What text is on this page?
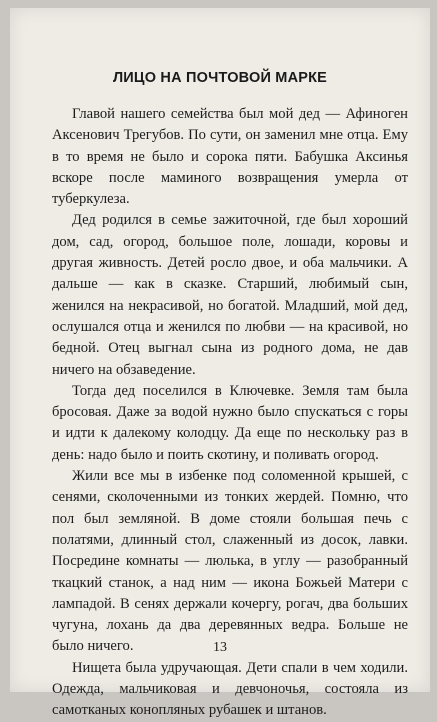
ЛИЦО НА ПОЧТОВОЙ МАРКЕ

Главой нашего семейства был мой дед — Афиноген Аксенович Трегубов. По сути, он заменил мне отца. Ему в то время не было и сорока пяти. Бабушка Аксинья вскоре после маминого возвращения умерла от туберкулеза.

Дед родился в семье зажиточной, где был хороший дом, сад, огород, большое поле, лошади, коровы и другая живность. Детей росло двое, и оба мальчики. А дальше — как в сказке. Старший, любимый сын, женился на некрасивой, но богатой. Младший, мой дед, ослушался отца и женился по любви — на красивой, но бедной. Отец выгнал сына из родного дома, не дав ничего на обзаведение.

Тогда дед поселился в Ключевке. Земля там была бросовая. Даже за водой нужно было спускаться с горы и идти к далекому колодцу. Да еще по нескольку раз в день: надо было и поить скотину, и поливать огород.

Жили все мы в избенке под соломенной крышей, с сенями, сколоченными из тонких жердей. Помню, что пол был земляной. В доме стояли большая печь с полатями, длинный стол, слаженный из досок, лавки. Посредине комнаты — люлька, в углу — разобранный ткацкий станок, а над ним — икона Божьей Матери с лампадой. В сенях держали кочергу, рогач, два больших чугуна, лохань да два деревянных ведра. Больше не было ничего.

Нищета была удручающая. Дети спали в чем ходили. Одежда, мальчиковая и девчоночья, состояла из самотканых конопляных рубашек и штанов.

13
